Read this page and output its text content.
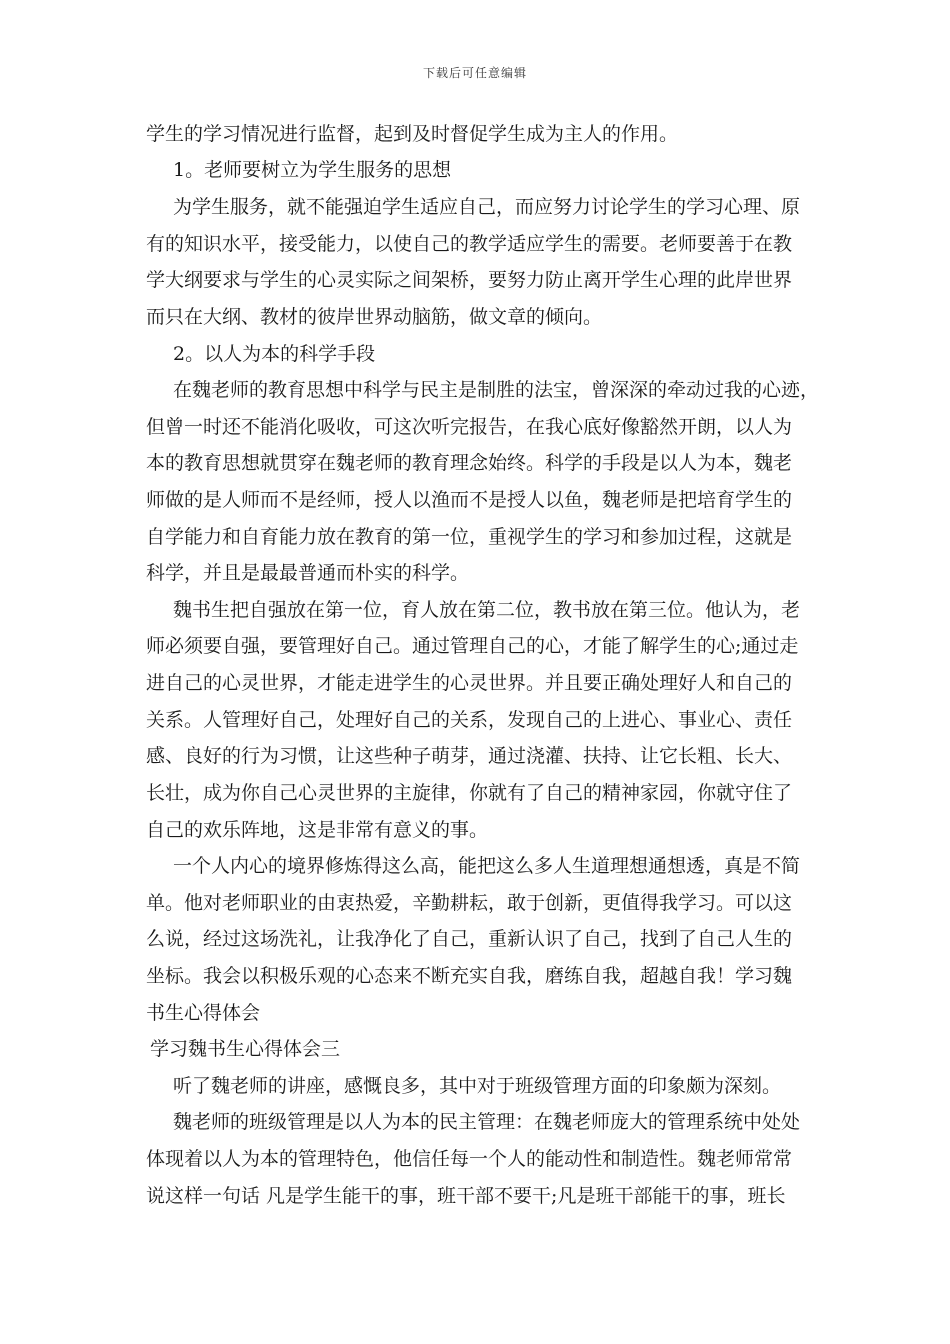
下载后可任意编辑
学生的学习情况进行监督，起到及时督促学生成为主人的作用。
1。老师要树立为学生服务的思想
为学生服务，就不能强迫学生适应自己，而应努力讨论学生的学习心理、原
有的知识水平，接受能力，以使自己的教学适应学生的需要。老师要善于在教
学大纲要求与学生的心灵实际之间架桥，要努力防止离开学生心理的此岸世界
而只在大纲、教材的彼岸世界动脑筋，做文章的倾向。
2。以人为本的科学手段
在魏老师的教育思想中科学与民主是制胜的法宝，曾深深的牵动过我的心迹，
但曾一时还不能消化吸收，可这次听完报告，在我心底好像豁然开朗，以人为
本的教育思想就贯穿在魏老师的教育理念始终。科学的手段是以人为本，魏老
师做的是人师而不是经师，授人以渔而不是授人以鱼，魏老师是把培育学生的
自学能力和自育能力放在教育的第一位，重视学生的学习和参加过程，这就是
科学，并且是最最普通而朴实的科学。
魏书生把自强放在第一位，育人放在第二位，教书放在第三位。他认为，老
师必须要自强，要管理好自己。通过管理自己的心，才能了解学生的心;通过走
进自己的心灵世界，才能走进学生的心灵世界。并且要正确处理好人和自己的
关系。人管理好自己，处理好自己的关系，发现自己的上进心、事业心、责任
感、良好的行为习惯，让这些种子萌芽，通过浇灌、扶持、让它长粗、长大、
长壮，成为你自己心灵世界的主旋律，你就有了自己的精神家园，你就守住了
自己的欢乐阵地，这是非常有意义的事。
一个人内心的境界修炼得这么高，能把这么多人生道理想通想透，真是不简
单。他对老师职业的由衷热爱，辛勤耕耘，敢于创新，更值得我学习。可以这
么说，经过这场洗礼，让我净化了自己，重新认识了自己，找到了自己人生的
坐标。我会以积极乐观的心态来不断充实自我，磨练自我，超越自我！学习魏
书生心得体会
学习魏书生心得体会三
听了魏老师的讲座，感慨良多，其中对于班级管理方面的印象颇为深刻。
魏老师的班级管理是以人为本的民主管理：在魏老师庞大的管理系统中处处
体现着以人为本的管理特色，他信任每一个人的能动性和制造性。魏老师常常
说这样一句话 凡是学生能干的事，班干部不要干;凡是班干部能干的事，班长
